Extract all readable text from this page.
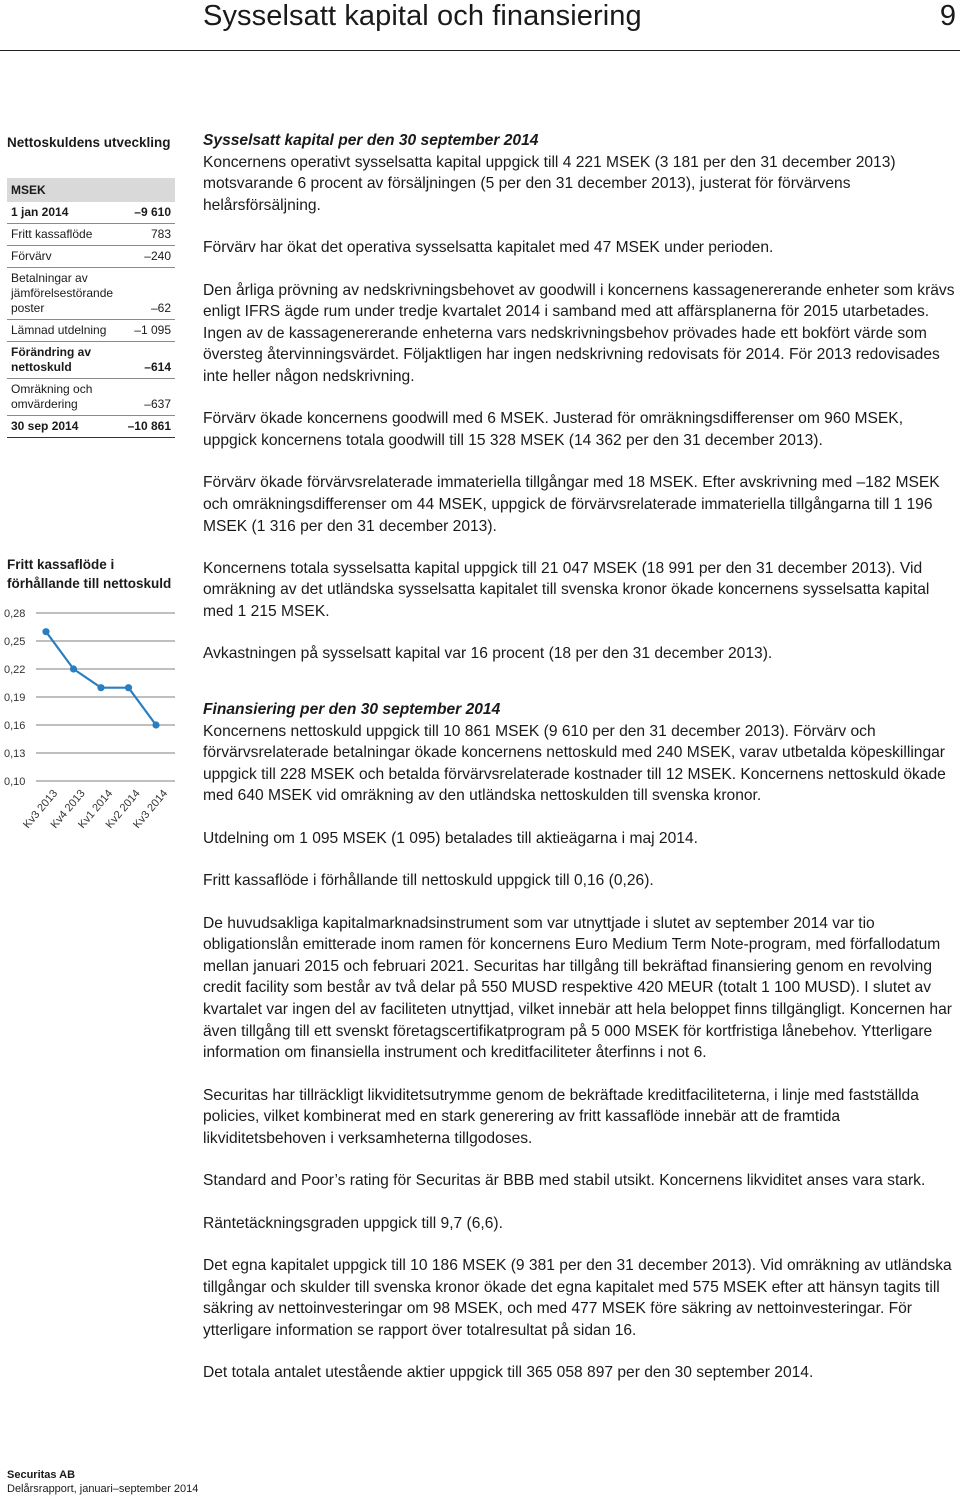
Sysselsatt kapital och finansiering	9
Nettoskuldens utveckling
MSEK	
1 jan 2014	–9 610
Fritt kassaflöde	783
Förvärv	–240
Betalningar av jämförelsestörande poster	–62
Lämnad utdelning	–1 095
Förändring av nettoskuld	–614
Omräkning och omvärdering	–637
30 sep 2014	–10 861
Fritt kassaflöde i förhållande till nettoskuld
0,28
0,25
0,22
0,19
0,16
0,13
0,10
Kv3 2013
Kv4 2013
Kv1 2014
Kv2 2014
Kv3 2014
Sysselsatt kapital per den 30 september 2014

Koncernens operativt sysselsatta kapital uppgick till 4 221 MSEK (3 181 per den 31 december 2013) motsvarande 6 procent av försäljningen (5 per den 31 december 2013), justerat för förvärvens helårsförsäljning.

Förvärv har ökat det operativa sysselsatta kapitalet med 47 MSEK under perioden.

Den årliga prövning av nedskrivningsbehovet av goodwill i koncernens kassagenererande enheter som krävs enligt IFRS ägde rum under tredje kvartalet 2014 i samband med att affärsplanerna för 2015 utarbetades. Ingen av de kassagenererande enheterna vars nedskrivningsbehov prövades hade ett bokfört värde som översteg återvinningsvärdet. Följaktligen har ingen nedskrivning redovisats för 2014. För 2013 redovisades inte heller någon nedskrivning.

Förvärv ökade koncernens goodwill med 6 MSEK. Justerad för omräkningsdifferenser om 960 MSEK, uppgick koncernens totala goodwill till 15 328 MSEK (14 362 per den 31 december 2013).

Förvärv ökade förvärvsrelaterade immateriella tillgångar med 18 MSEK. Efter avskrivning med –182 MSEK och omräkningsdifferenser om 44 MSEK, uppgick de förvärvsrelaterade immateriella tillgångarna till 1 196 MSEK (1 316 per den 31 december 2013).

Koncernens totala sysselsatta kapital uppgick till 21 047 MSEK (18 991 per den 31 december 2013). Vid omräkning av det utländska sysselsatta kapitalet till svenska kronor ökade koncernens sysselsatta kapital med 1 215 MSEK.

Avkastningen på sysselsatt kapital var 16 procent (18 per den 31 december 2013).

Finansiering per den 30 september 2014

Koncernens nettoskuld uppgick till 10 861 MSEK (9 610 per den 31 december 2013). Förvärv och förvärvsrelaterade betalningar ökade koncernens nettoskuld med 240 MSEK, varav utbetalda köpeskillingar uppgick till 228 MSEK och betalda förvärvsrelaterade kostnader till 12 MSEK. Koncernens nettoskuld ökade med 640 MSEK vid omräkning av den utländska nettoskulden till svenska kronor.

Utdelning om 1 095 MSEK (1 095) betalades till aktieägarna i maj 2014.

Fritt kassaflöde i förhållande till nettoskuld uppgick till 0,16 (0,26).

De huvudsakliga kapitalmarknadsinstrument som var utnyttjade i slutet av september 2014 var tio obligationslån emitterade inom ramen för koncernens Euro Medium Term Note-program, med förfallodatum mellan januari 2015 och februari 2021. Securitas har tillgång till bekräftad finansiering genom en revolving credit facility som består av två delar på 550 MUSD respektive 420 MEUR (totalt 1 100 MUSD). I slutet av kvartalet var ingen del av faciliteten utnyttjad, vilket innebär att hela beloppet finns tillgängligt. Koncernen har även tillgång till ett svenskt företagscertifikatprogram på 5 000 MSEK för kortfristiga lånebehov. Ytterligare information om finansiella instrument och kreditfaciliteter återfinns i not 6.

Securitas har tillräckligt likviditetsutrymme genom de bekräftade kreditfaciliteterna, i linje med fastställda policies, vilket kombinerat med en stark generering av fritt kassaflöde innebär att de framtida likviditetsbehoven i verksamheterna tillgodoses.

Standard and Poor’s rating för Securitas är BBB med stabil utsikt. Koncernens likviditet anses vara stark.

Räntetäckningsgraden uppgick till 9,7 (6,6).

Det egna kapitalet uppgick till 10 186 MSEK (9 381 per den 31 december 2013). Vid omräkning av utländska tillgångar och skulder till svenska kronor ökade det egna kapitalet med 575 MSEK efter att hänsyn tagits till säkring av nettoinvesteringar om 98 MSEK, och med 477 MSEK före säkring av nettoinvesteringar. För ytterligare information se rapport över totalresultat på sidan 16.

Det totala antalet utestående aktier uppgick till 365 058 897 per den 30 september 2014.

Securitas AB
Delårsrapport, januari–september 2014
